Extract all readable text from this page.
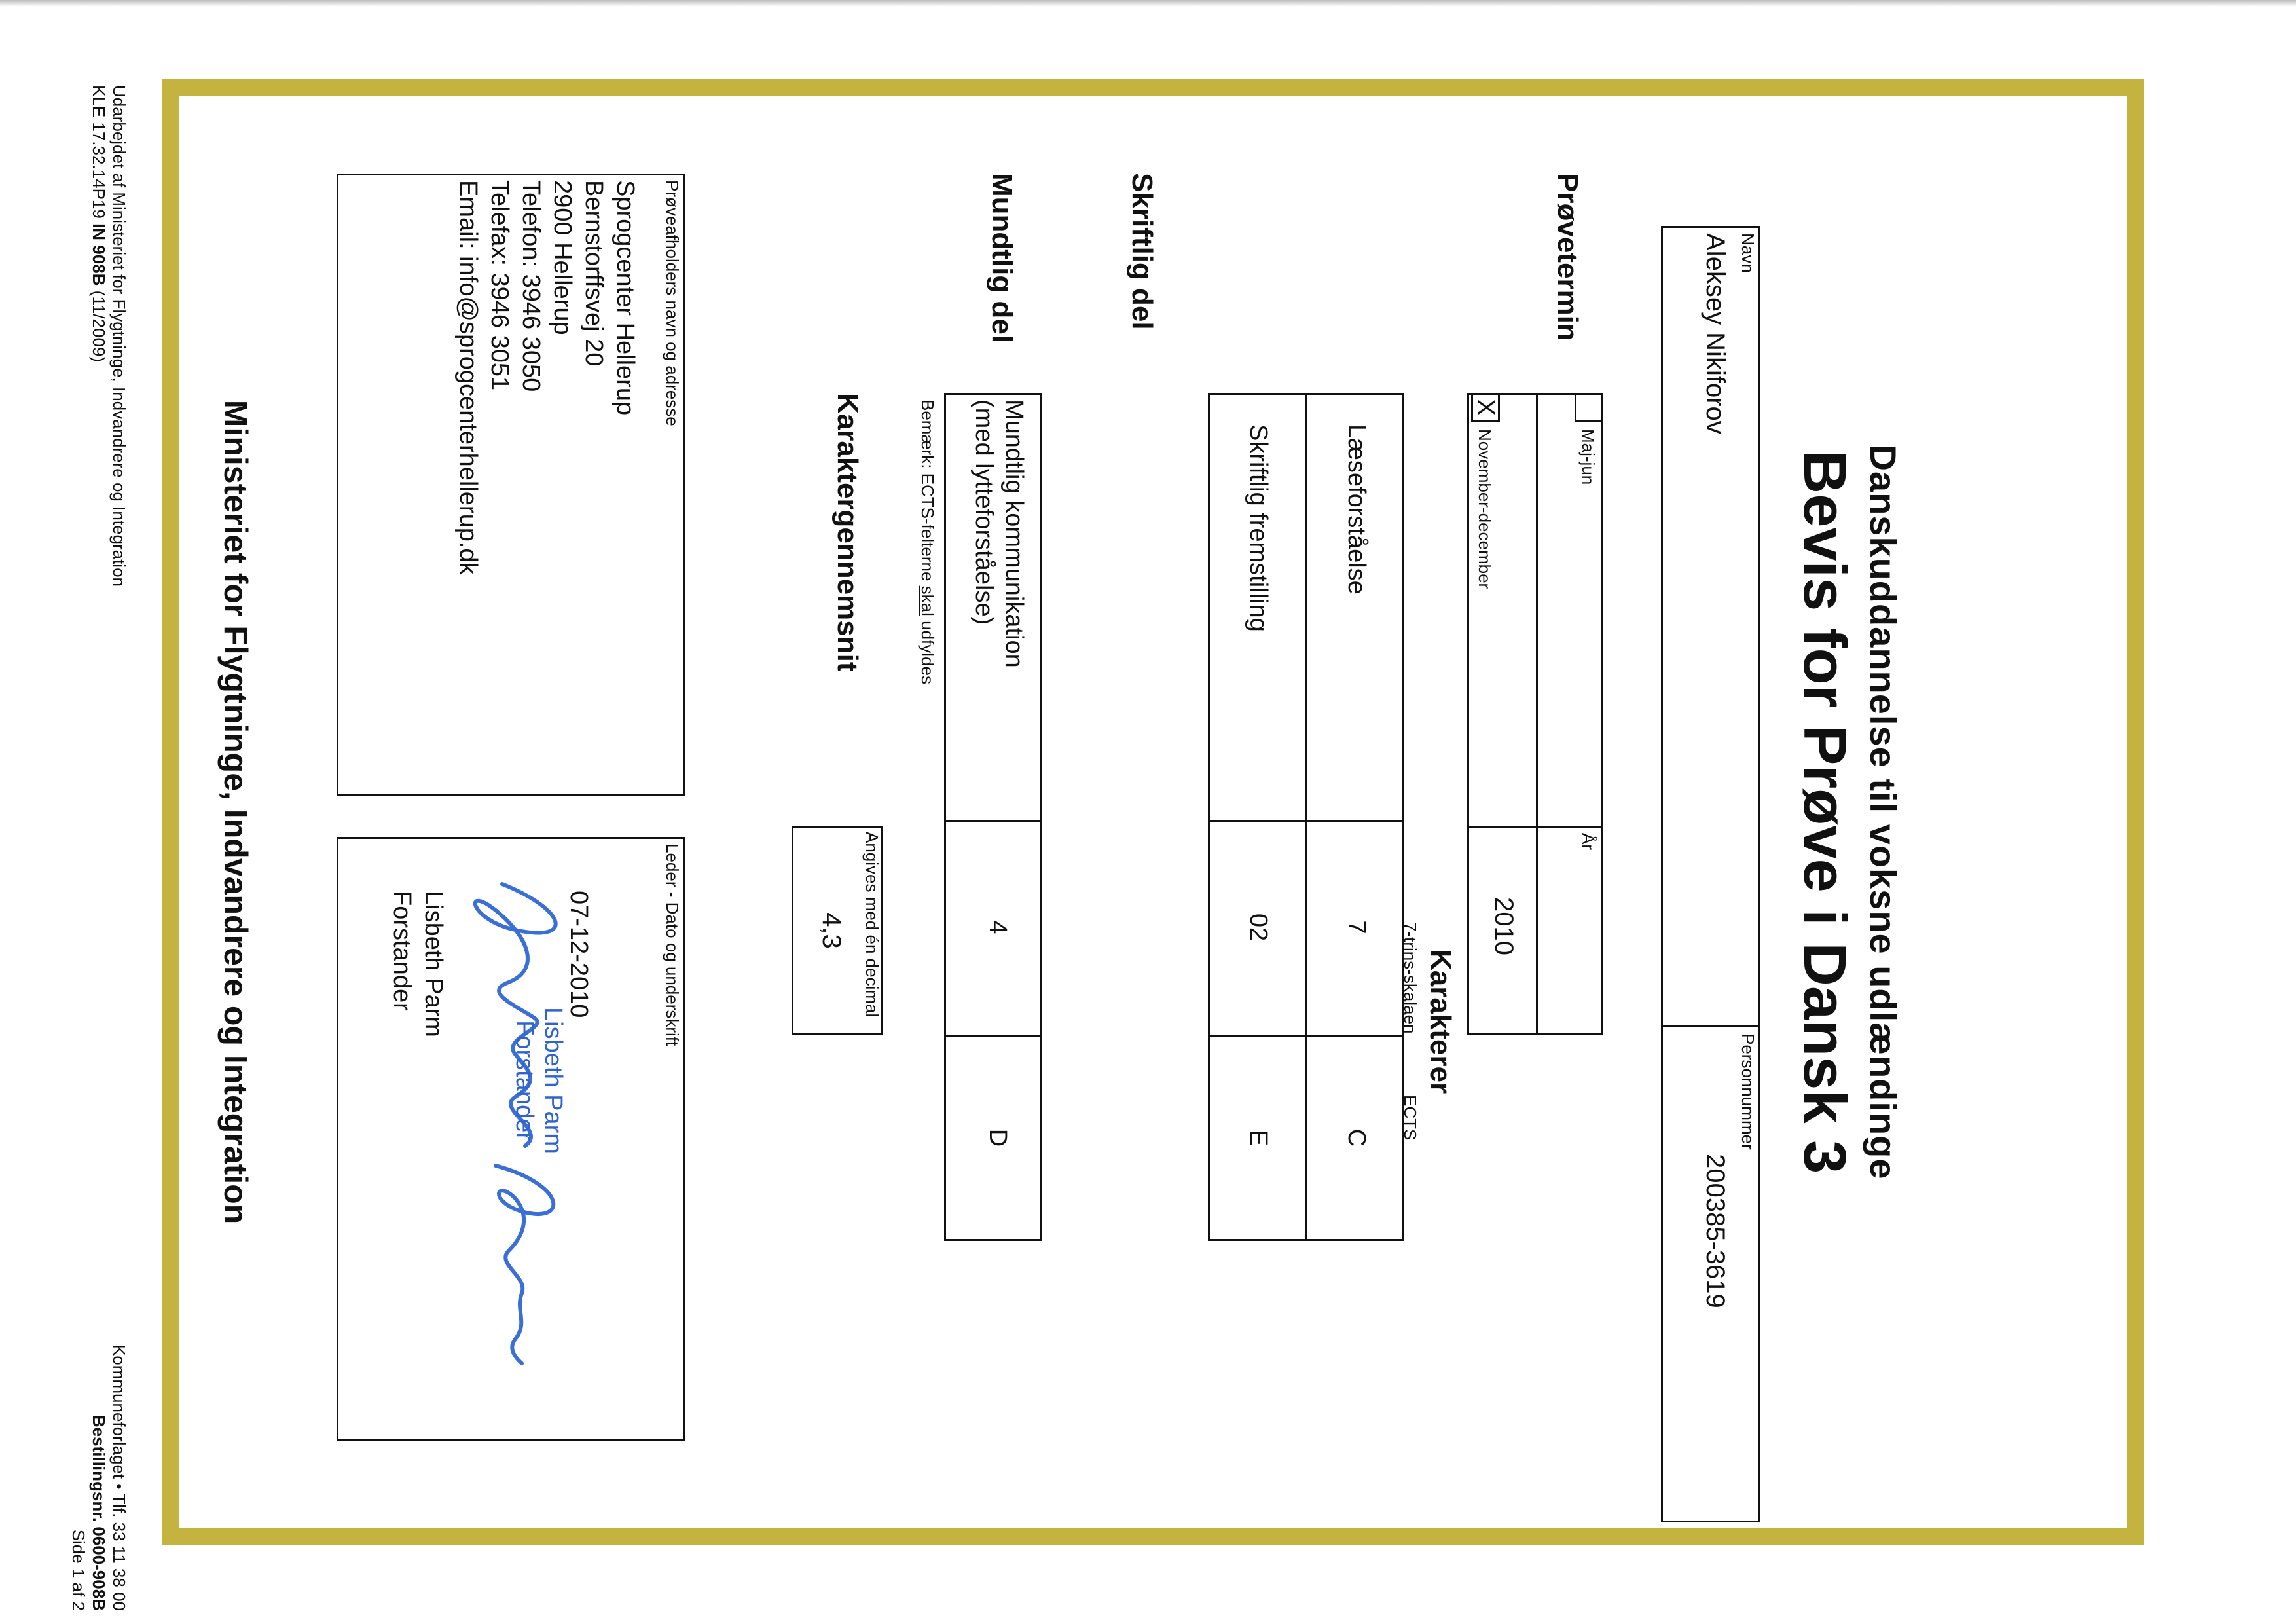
Danskuddannelse til voksne udlændinge
Bevis for Prøve i Dansk 3
Navn
Aleksey Nikiforov
Personnummer
200385-3619
Prøvetermin
Maj-jun
X
November-december
År
2010
Karakterer
7-trins-skalaen
ECTS
Skriftlig del
Læseforståelse
7
C
Skriftlig fremstilling
02
E
Mundtlig del
Mundtlig kommunikation
(med lytteforståelse)
4
D
Bemærk: ECTS-felterne skal udfyldes
Karaktergennemsnit
Angives med én decimal
4,3
Prøveafholders navn og adresse
Sprogcenter Hellerup
Bernstorffsvej 20
2900 Hellerup
Telefon: 3946 3050
Telefax: 3946 3051
Email: info@sprogcenterhellerup.dk
Leder - Dato og underskrift
07-12-2010
Lisbeth Parm
Forstander
Lisbeth Parm
Forstander
Ministeriet for Flygtninge, Indvandrere og Integration
Udarbejdet af Ministeriet for Flygtninge, Indvandrere og Integration
KLE 17.32.14P19 IN 908B (11/2009)
Kommuneforlaget • Tlf. 33 11 38 00
Bestillingsnr. 0600-908B
Side 1 af 2
